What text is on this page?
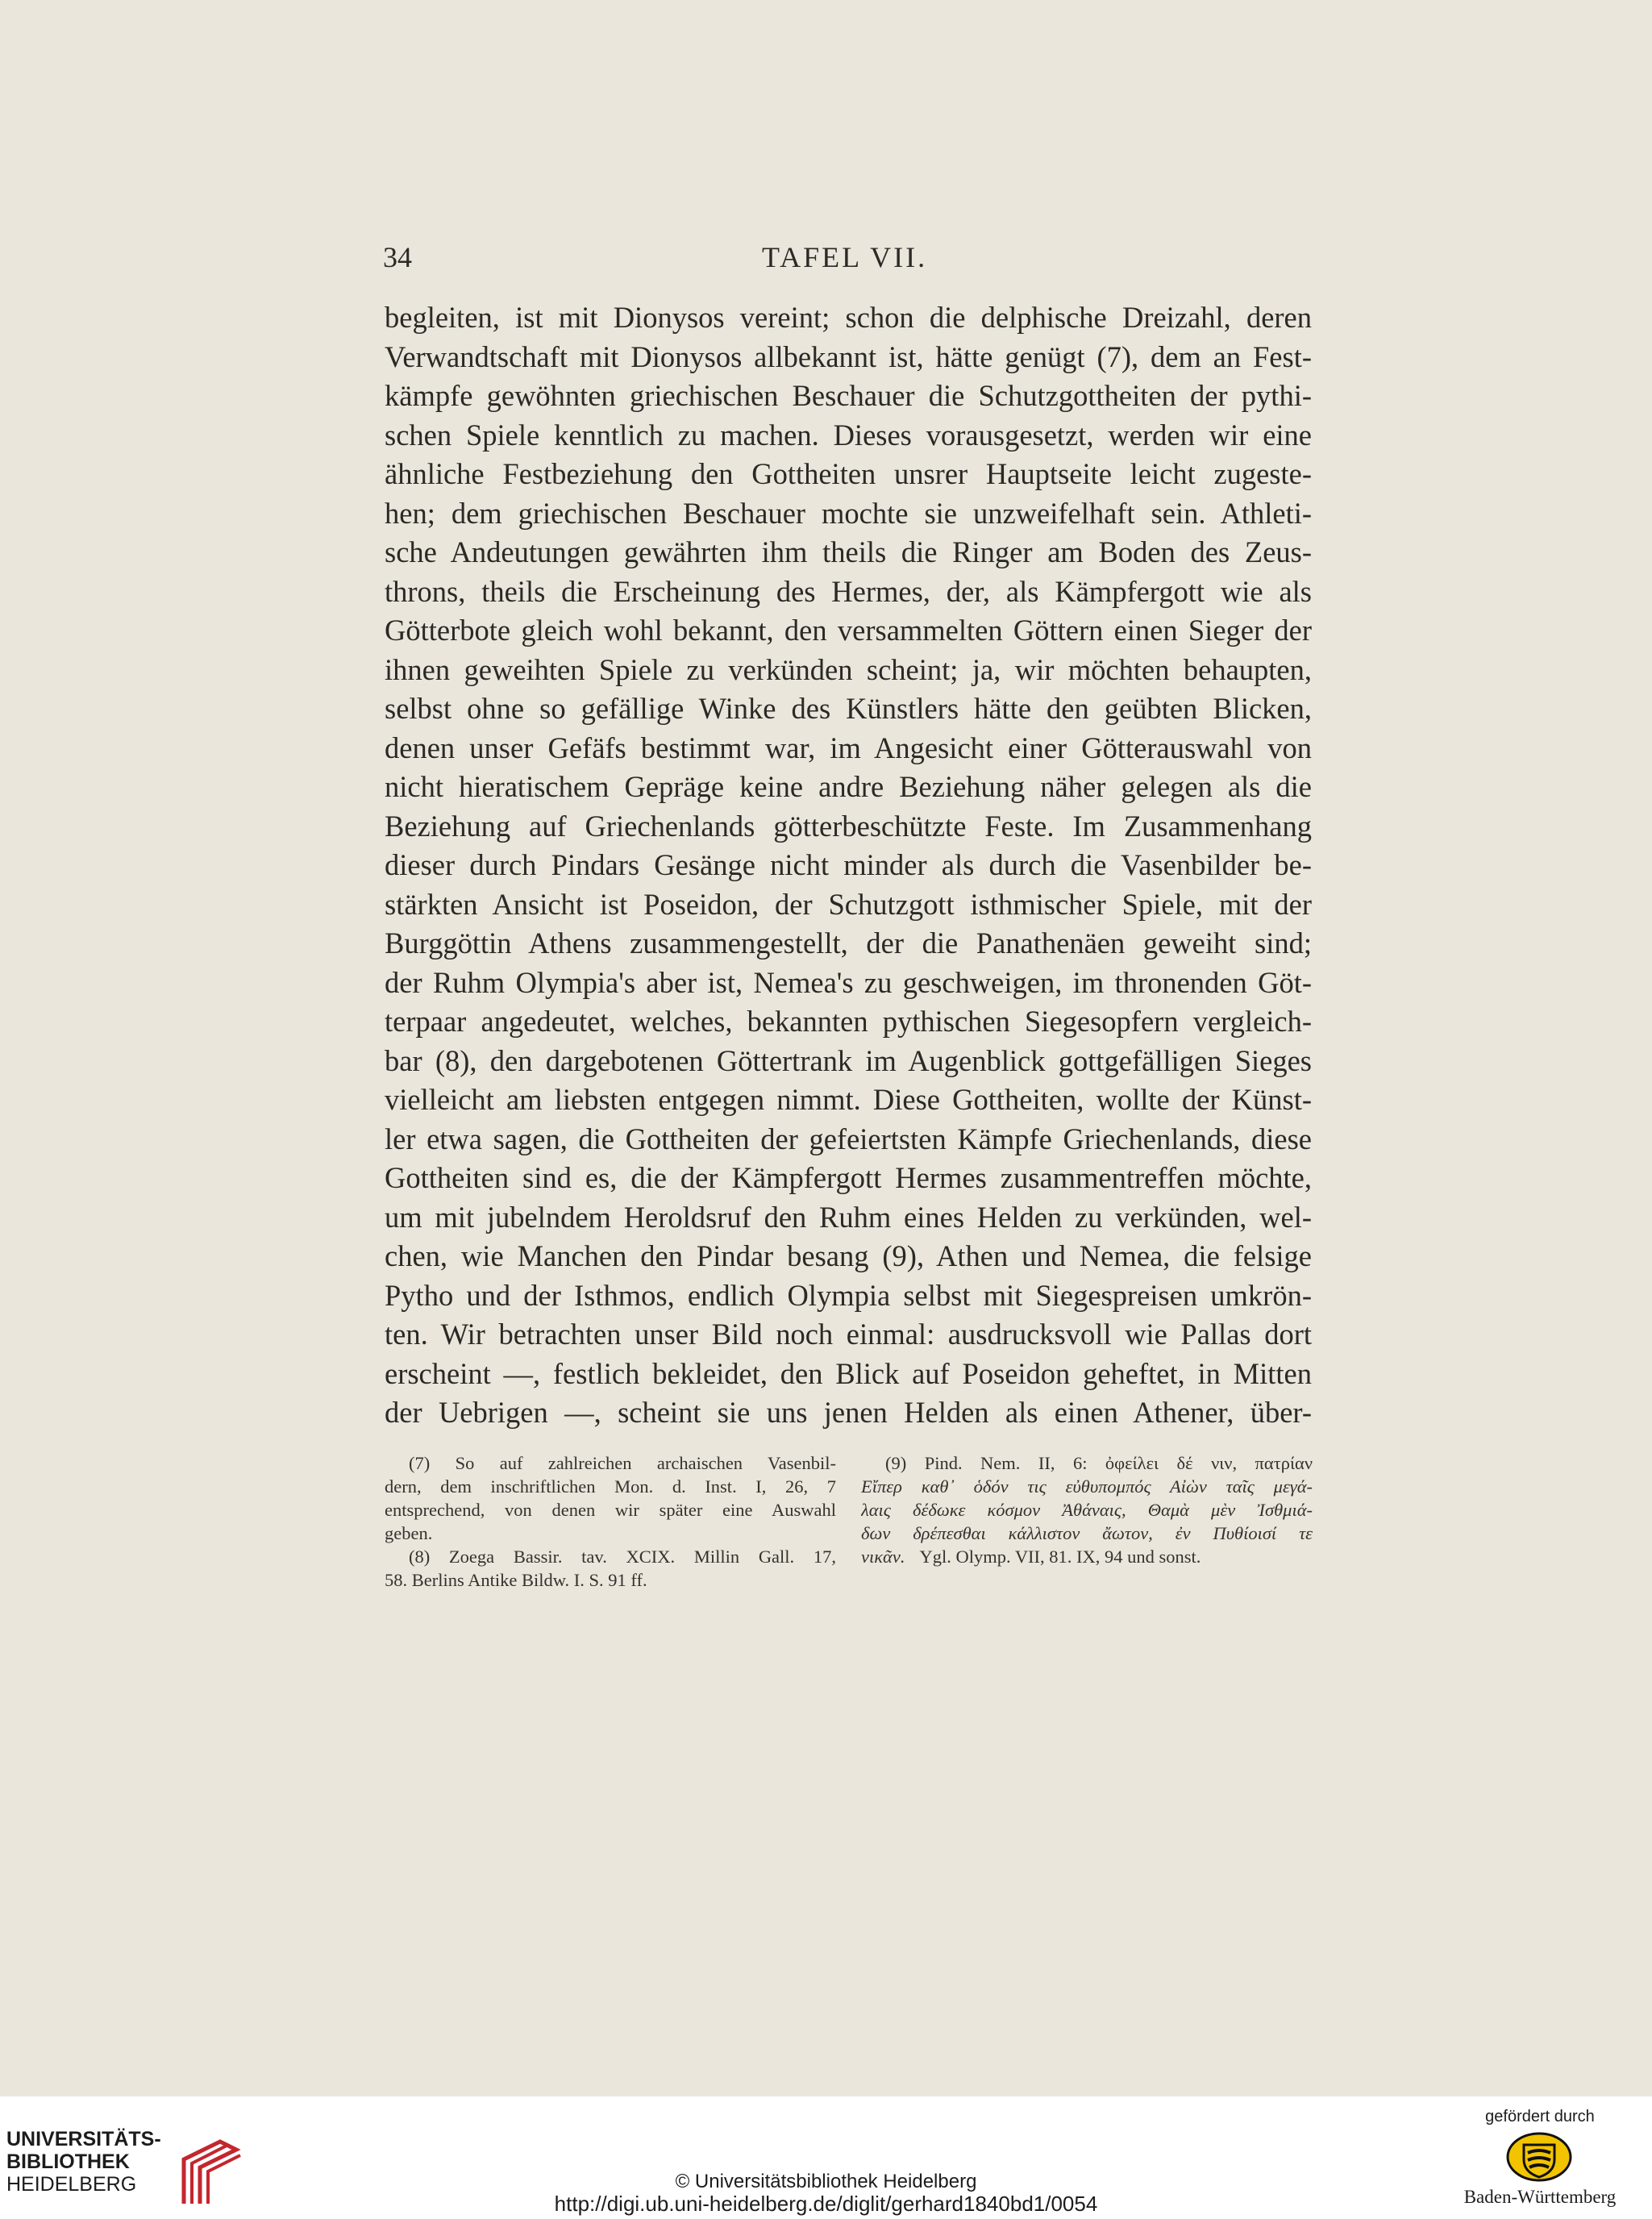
34	TAFEL VII.
begleiten, ist mit Dionysos vereint; schon die delphische Dreizahl, deren
Verwandtschaft mit Dionysos allbekannt ist, hätte genügt (7), dem an Fest-
kämpfe gewöhnten griechischen Beschauer die Schutzgottheiten der pythi-
schen Spiele kenntlich zu machen. Dieses vorausgesetzt, werden wir eine
ähnliche Festbeziehung den Gottheiten unsrer Hauptseite leicht zugeste-
hen; dem griechischen Beschauer mochte sie unzweifelhaft sein. Athleti-
sche Andeutungen gewährten ihm theils die Ringer am Boden des Zeus-
throns, theils die Erscheinung des Hermes, der, als Kämpfergott wie als
Götterbote gleich wohl bekannt, den versammelten Göttern einen Sieger der
ihnen geweihten Spiele zu verkünden scheint; ja, wir möchten behaupten,
selbst ohne so gefällige Winke des Künstlers hätte den geübten Blicken,
denen unser Gefäfs bestimmt war, im Angesicht einer Götterauswahl von
nicht hieratischem Gepräge keine andre Beziehung näher gelegen als die
Beziehung auf Griechenlands götterbeschützte Feste. Im Zusammenhang
dieser durch Pindars Gesänge nicht minder als durch die Vasenbilder be-
stärkten Ansicht ist Poseidon, der Schutzgott isthmischer Spiele, mit der
Burggöttin Athens zusammengestellt, der die Panathenäen geweiht sind;
der Ruhm Olympia's aber ist, Nemea's zu geschweigen, im thronenden Göt-
terpaar angedeutet, welches, bekannten pythischen Siegesopfern vergleich-
bar (8), den dargebotenen Göttertrank im Augenblick gottgefälligen Sieges
vielleicht am liebsten entgegen nimmt. Diese Gottheiten, wollte der Künst-
ler etwa sagen, die Gottheiten der gefeiertsten Kämpfe Griechenlands, diese
Gottheiten sind es, die der Kämpfergott Hermes zusammentreffen möchte,
um mit jubelndem Heroldsruf den Ruhm eines Helden zu verkünden, wel-
chen, wie Manchen den Pindar besang (9), Athen und Nemea, die felsige
Pytho und der Isthmos, endlich Olympia selbst mit Siegespreisen umkrön-
ten. Wir betrachten unser Bild noch einmal: ausdrucksvoll wie Pallas dort
erscheint —, festlich bekleidet, den Blick auf Poseidon geheftet, in Mitten
der Uebrigen —, scheint sie uns jenen Helden als einen Athener, über-
(7) So auf zahlreichen archaischen Vasenbil-
dern, dem inschriftlichen Mon. d. Inst. I, 26, 7
entsprechend, von denen wir später eine Auswahl
geben.
(8) Zoega Bassir. tav. XCIX. Millin Gall. 17,
58. Berlins Antike Bildw. I. S. 91 ff.
(9) Pind. Nem. II, 6: ὀφείλει δέ νιν, πατρίαν
Εἴπερ καθ᾽ ὁδόν τις εὐθυπομπός Αἰὼν ταῖς μεγά-
λαις δέδωκε κόσμον Ἀθάναις, Θαμὰ μὲν Ἰσθμιά-
δων δρέπεσθαι κάλλιστον ἄωτον, ἐν Πυθίοισί τε
νικᾶν. Ygl. Olymp. VII, 81. IX, 94 und sonst.
UNIVERSITÄTS-
BIBLIOTHEK
HEIDELBERG	© Universitätsbibliothek Heidelberg
http://digi.ub.uni-heidelberg.de/diglit/gerhard1840bd1/0054
gefördert durch
Baden-Württemberg
